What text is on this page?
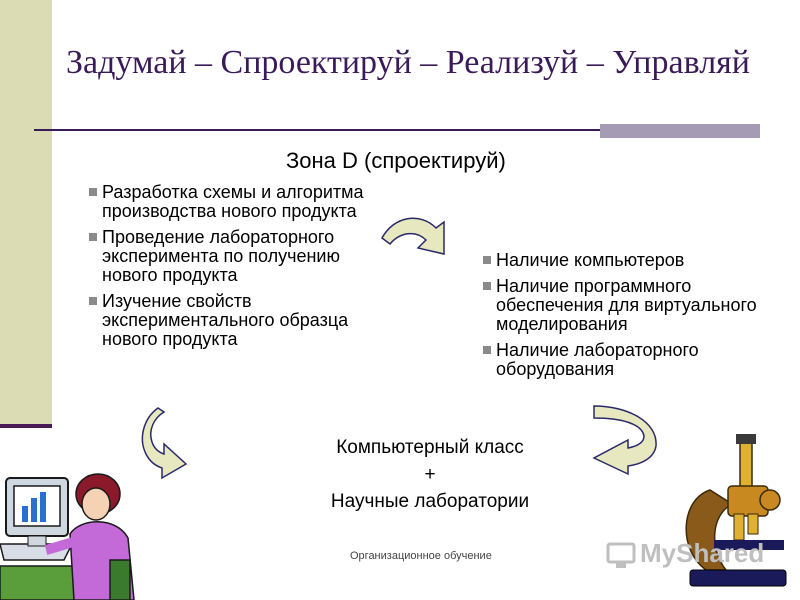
Задумай – Спроектируй – Реализуй – Управляй
Зона D (спроектируй)
Разработка схемы и алгоритма производства нового продукта
Проведение лабораторного эксперимента по получению нового продукта
Изучение свойств экспериментального образца нового продукта
Наличие компьютеров
Наличие программного обеспечения для виртуального моделирования
Наличие лабораторного оборудования
Компьютерный класс
+
Научные лаборатории
MyShared
Организационное обучение
